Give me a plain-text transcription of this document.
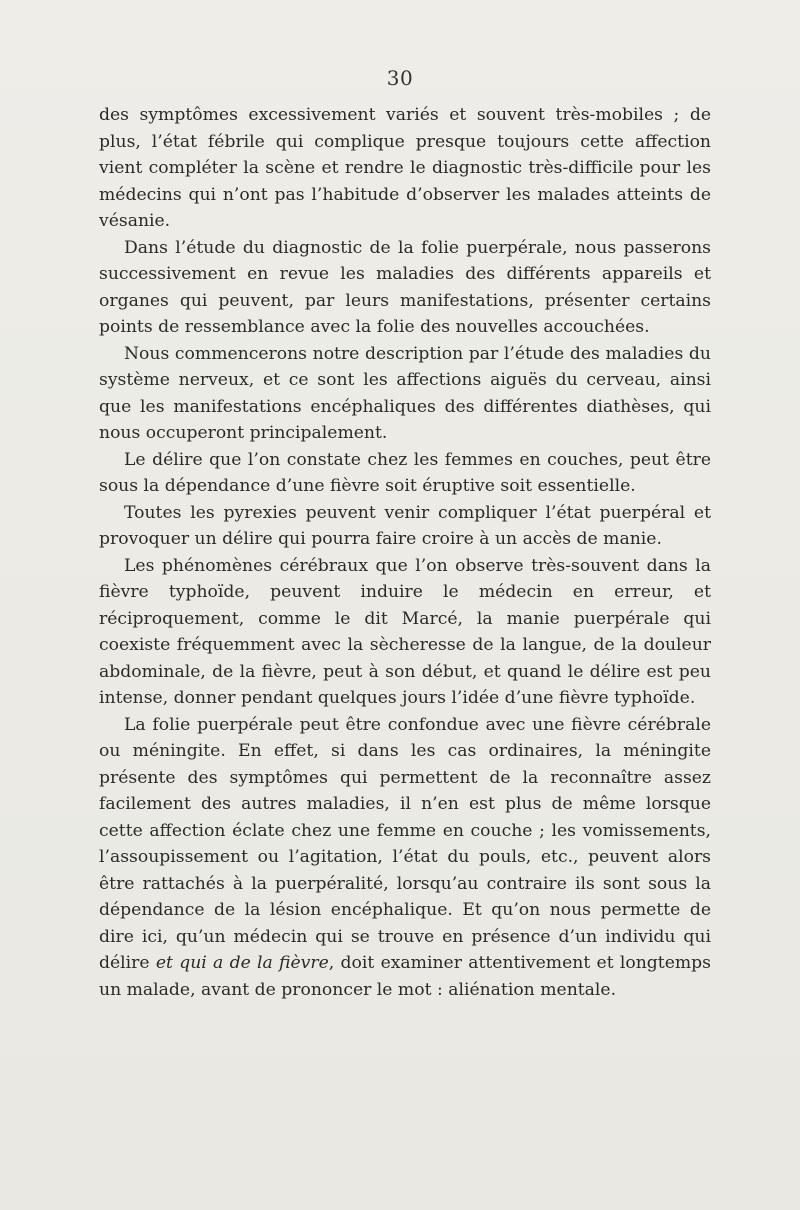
30

des symptômes excessivement variés et souvent très-mobiles ; de plus, l’état fébrile qui complique presque toujours cette affection vient compléter la scène et rendre le diagnostic très-difficile pour les médecins qui n’ont pas l’habitude d’observer les malades atteints de vésanie.

Dans l’étude du diagnostic de la folie puerpérale, nous passerons successivement en revue les maladies des différents appareils et organes qui peuvent, par leurs manifestations, présenter certains points de ressemblance avec la folie des nouvelles accouchées.

Nous commencerons notre description par l’étude des maladies du système nerveux, et ce sont les affections aiguës du cerveau, ainsi que les manifestations encéphaliques des différentes diathèses, qui nous occuperont principalement.

Le délire que l’on constate chez les femmes en couches, peut être sous la dépendance d’une fièvre soit éruptive soit essentielle.

Toutes les pyrexies peuvent venir compliquer l’état puerpéral et provoquer un délire qui pourra faire croire à un accès de manie.

Les phénomènes cérébraux que l’on observe très-souvent dans la fièvre typhoïde, peuvent induire le médecin en erreur, et réciproquement, comme le dit Marcé, la manie puerpérale qui coexiste fréquemment avec la sècheresse de la langue, de la douleur abdominale, de la fièvre, peut à son début, et quand le délire est peu intense, donner pendant quelques jours l’idée d’une fièvre typhoïde.

La folie puerpérale peut être confondue avec une fièvre cérébrale ou méningite. En effet, si dans les cas ordinaires, la méningite présente des symptômes qui permettent de la reconnaître assez facilement des autres maladies, il n’en est plus de même lorsque cette affection éclate chez une femme en couche ; les vomissements, l’assoupissement ou l’agitation, l’état du pouls, etc., peuvent alors être rattachés à la puerpéralité, lorsqu’au contraire ils sont sous la dépendance de la lésion encéphalique. Et qu’on nous permette de dire ici, qu’un médecin qui se trouve en présence d’un individu qui délire et qui a de la fièvre, doit examiner attentivement et longtemps un malade, avant de prononcer le mot : aliénation mentale.
